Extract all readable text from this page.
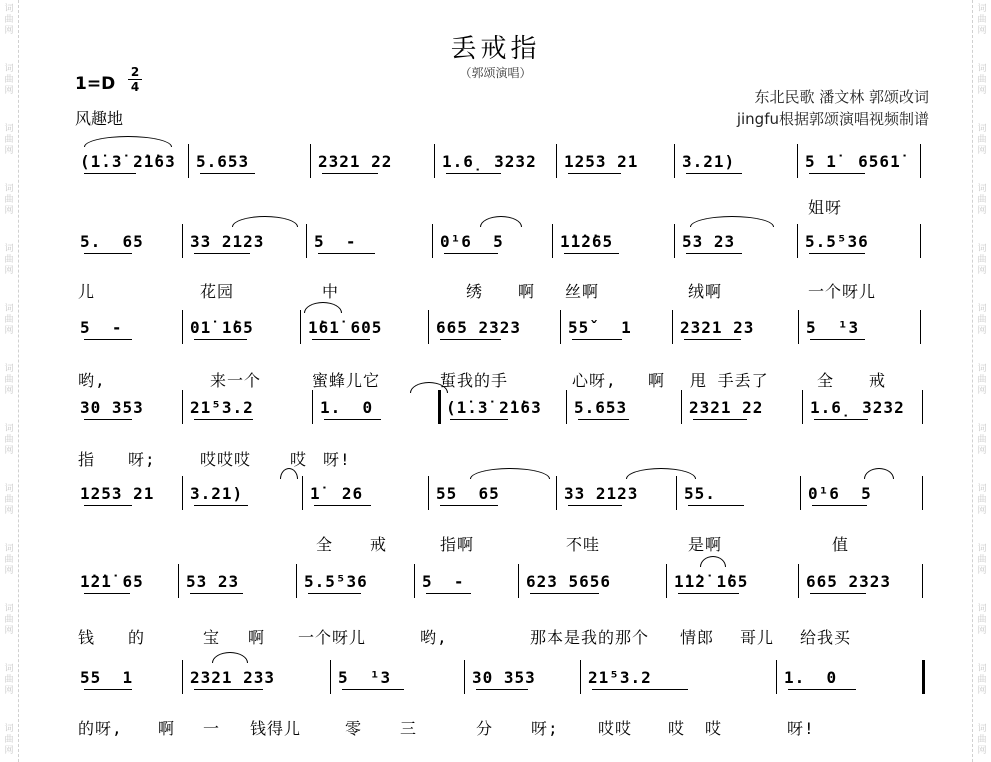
词
曲
网
词
曲
网
词
曲
网
词
曲
网
词
曲
网
词
曲
网
词
曲
网
词
曲
网
词
曲
网
词
曲
网
词
曲
网
词
曲
网
词
曲
网
词
曲
网
词
曲
网
词
曲
网
词
曲
网
词
曲
网
词
曲
网
词
曲
网
词
曲
网
词
曲
网
词
曲
网
词
曲
网
词
曲
网
词
曲
网
丢戒指
（郭颂演唱）
1=D
2
4
风趣地
东北民歌 潘文林 郭颂改词
jingfu根据郭颂演唱视频制谱
(1̇.3̇ 2̇1̇63 5.653	2321 22	1.6̣ 3232 1253 21	3.21)	5 1̇  6561̇
姐呀
5.  65	33 2123	5  -	0¹6  5	1̇1̇2̇65	53 23	5.5⁵36
儿	花园	中	绣 啊 丝啊	绒啊	一个呀儿
5  -	01̇ 1̇65	1̇61̇ 605	665 2323	55ˇ  1	2321 23	5  ¹3
哟,	来一个	蜜蜂儿它	蜇我的手	心呀, 啊 甩 手丢了	全 戒
30 353	21⁵3.2	1.  0	(1̇.3̇ 2̇1̇63 5.653	2321 22	1.6̣ 3232
指 呀;	哎哎哎 哎 呀!
1253 21 3.21)	1̇  26	55  65	33 2123	55.	0¹6  5
全 戒	指啊	不哇	是啊	值
1̇2̇1̇ 65	53 23	5.5⁵36	5  -	623 5656	1̇1̇2̇ 1̇65	665 2323
钱 的	宝 啊 一个呀儿	哟,	那本是我的那个 情郎 哥儿 给我买
55  1	2321 233	5  ¹3	30 353	21⁵3.2	1.  0
的呀, 啊 一 钱得儿	零 三	分 呀; 哎哎 哎 哎	呀!
